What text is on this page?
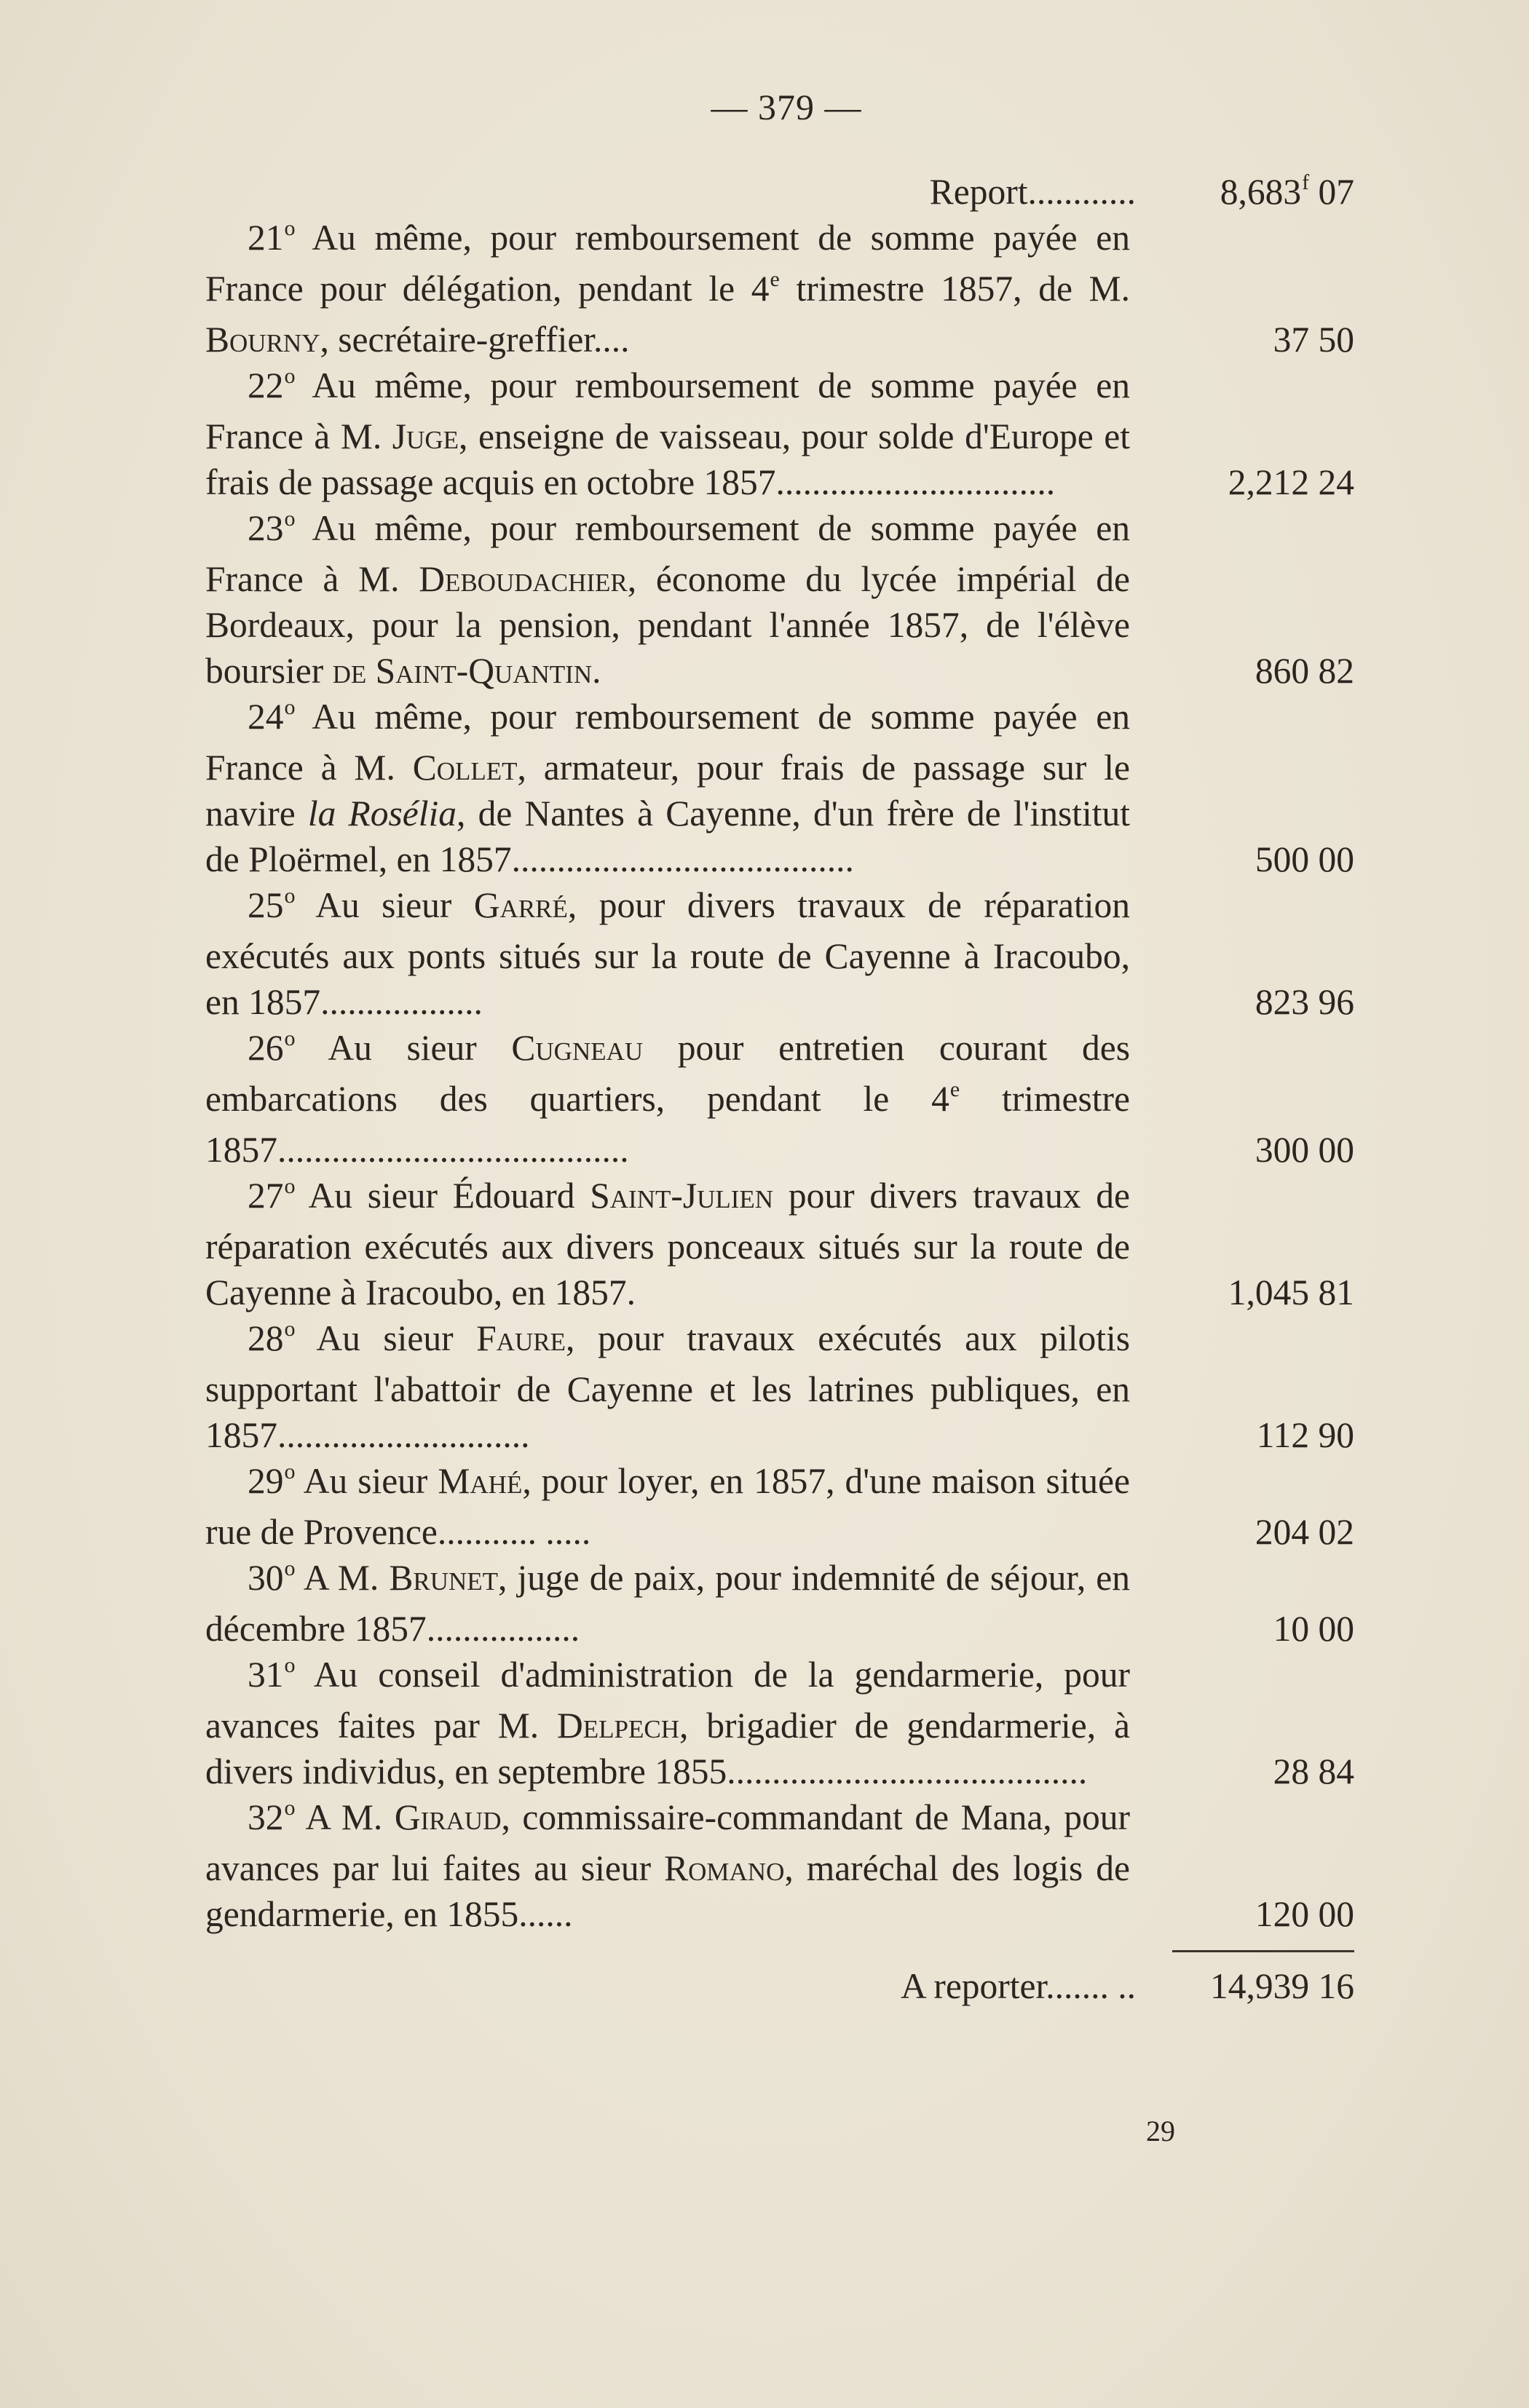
— 379 —
Report............ 8,683$^f$ 07
21$^o$ Au même, pour remboursement de somme payée en France pour délégation, pendant le 4e trimestre 1857, de M. Bourny, secrétaire-greffier....	37 50
22$^o$ Au même, pour remboursement de somme payée en France à M. Juge, enseigne de vaisseau, pour solde d'Europe et frais de passage acquis en octobre 1857...............................	2,212 24
23$^o$ Au même, pour remboursement de somme payée en France à M. Deboudachier, économe du lycée impérial de Bordeaux, pour la pension, pendant l'année 1857, de l'élève boursier de Saint-Quantin.	860 82
24$^o$ Au même, pour remboursement de somme payée en France à M. Collet, armateur, pour frais de passage sur le navire la Rosélia, de Nantes à Cayenne, d'un frère de l'institut de Ploërmel, en 1857......................................	500 00
25$^o$ Au sieur Garré, pour divers travaux de réparation exécutés aux ponts situés sur la route de Cayenne à Iracoubo, en 1857..................	823 96
26$^o$ Au sieur Cugneau pour entretien courant des embarcations des quartiers, pendant le 4e trimestre 1857.......................................	300 00
27$^o$ Au sieur Édouard Saint-Julien pour divers travaux de réparation exécutés aux divers ponceaux situés sur la route de Cayenne à Iracoubo, en 1857.	1,045 81
28$^o$ Au sieur Faure, pour travaux exécutés aux pilotis supportant l'abattoir de Cayenne et les latrines publiques, en 1857............................	112 90
29$^o$ Au sieur Mahé, pour loyer, en 1857, d'une maison située rue de Provence........... .....	204 02
30$^o$ A M. Brunet, juge de paix, pour indemnité de séjour, en décembre 1857.................	10 00
31$^o$ Au conseil d'administration de la gendarmerie, pour avances faites par M. Delpech, brigadier de gendarmerie, à divers individus, en septembre 1855........................................	28 84
32$^o$ A M. Giraud, commissaire-commandant de Mana, pour avances par lui faites au sieur Romano, maréchal des logis de gendarmerie, en 1855......	120 00
A reporter....... .. 14,939 16
29
